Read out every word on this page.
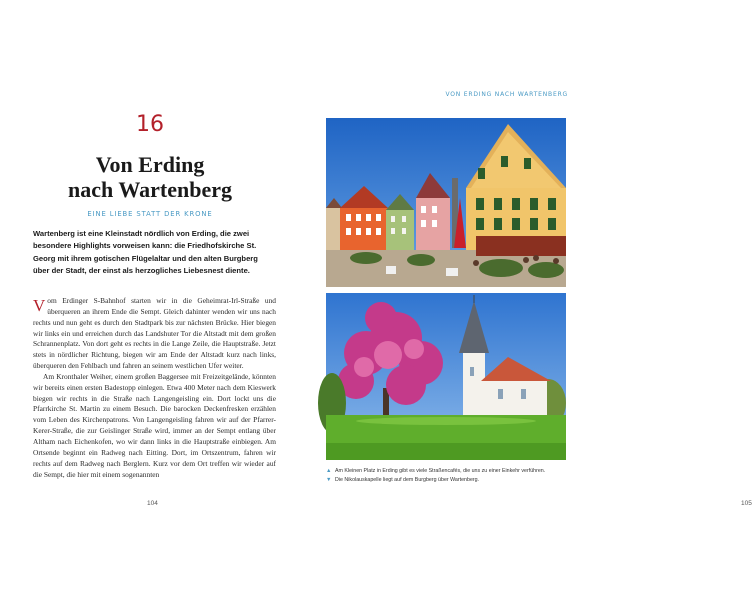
16
Von Erding
nach Wartenberg
EINE LIEBE STATT DER KRONE
Wartenberg ist eine Kleinstadt nördlich von Erding, die zwei besondere Highlights vorweisen kann: die Friedhofskirche St. Georg mit ihrem gotischen Flügelaltar und den alten Burgberg über der Stadt, der einst als herzogliches Liebesnest diente.

Vom Erdinger S-Bahnhof starten wir in die Geheimrat-Irl-Straße und überqueren an ihrem Ende die Sempt. Gleich dahinter wenden wir uns nach rechts und nun geht es durch den Stadtpark bis zur nächsten Brücke. Hier biegen wir links ein und erreichen durch das Landshuter Tor die Altstadt mit dem großen Schrannenplatz. Von dort geht es rechts in die Lange Zeile, die Hauptstraße. Jetzt stets in nördlicher Richtung, biegen wir am Ende der Altstadt kurz nach links, überqueren den Fehlbach und fahren an seinem westlichen Ufer weiter.

Am Kronthaler Weiher, einem großen Baggersee mit Freizeitgelände, könnten wir bereits einen ersten Badestopp einlegen. Etwa 400 Meter nach dem Kieswerk biegen wir rechts in die Straße nach Langengeisling ein. Dort lockt uns die Pfarrkirche St. Martin zu einem Besuch. Die barocken Deckenfresken erzählen vom Leben des Kirchenpatrons. Von Langengeisling fahren wir auf der Pfarrer-Kerer-Straße, die zur Geislinger Straße wird, immer an der Sempt entlang über Altham nach Eichenkofen, wo wir dann links in die Hauptstraße einbiegen. Am Ortsende beginnt ein Radweg nach Eitting. Dort, im Ortszentrum, fahren wir rechts auf dem Radweg nach Berglern. Kurz vor dem Ort treffen wir wieder auf die Sempt, die hier mit einem sogenannten

104
VON ERDING NACH WARTENBERG
▲ Am Kleinen Platz in Erding gibt es viele Straßencafés, die uns zu einer Einkehr verführen.
▼ Die Nikolauskapelle liegt auf dem Burgberg über Wartenberg.
105
